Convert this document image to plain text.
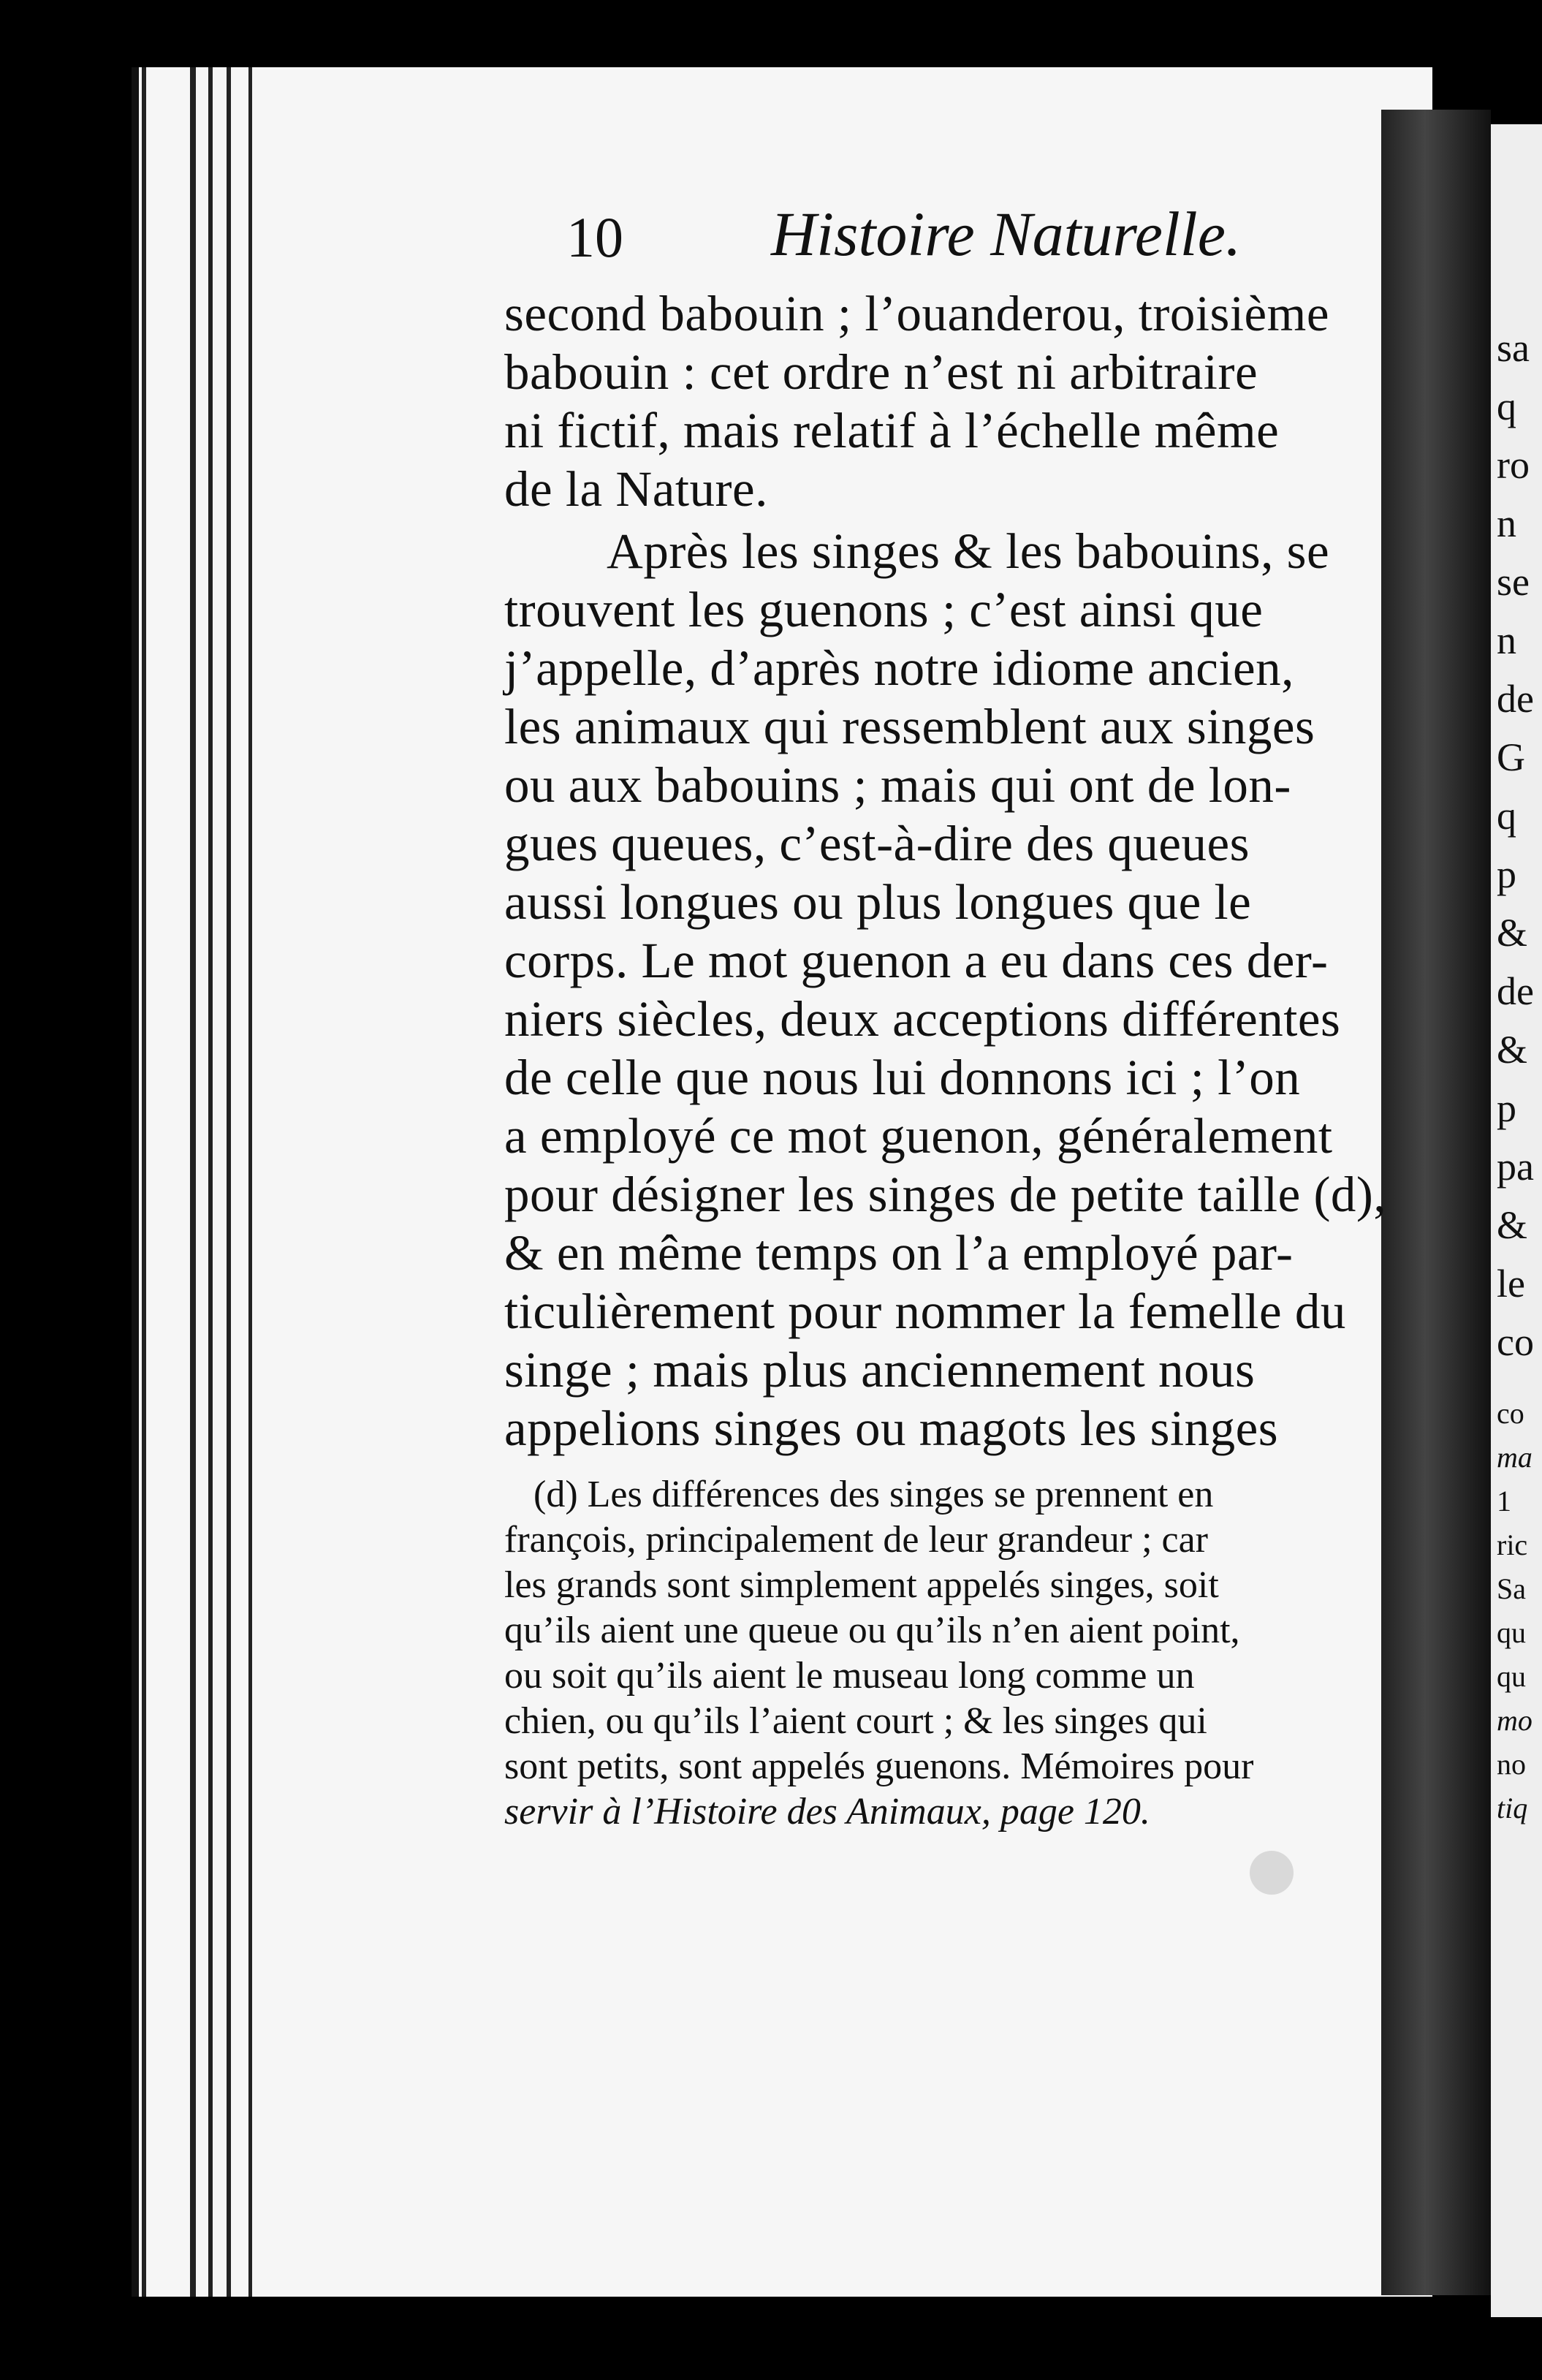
10 Histoire Naturelle.
second babouin ; l’ouanderou, troisième
babouin : cet ordre n’est ni arbitraire
ni fictif, mais relatif à l’échelle même
de la Nature.
Après les singes & les babouins, se
trouvent les guenons ; c’est ainsi que
j’appelle, d’après notre idiome ancien,
les animaux qui ressemblent aux singes
ou aux babouins ; mais qui ont de lon-
gues queues, c’est-à-dire des queues
aussi longues ou plus longues que le
corps. Le mot guenon a eu dans ces der-
niers siècles, deux acceptions différentes
de celle que nous lui donnons ici ; l’on
a employé ce mot guenon, généralement
pour désigner les singes de petite taille (d),
& en même temps on l’a employé par-
ticulièrement pour nommer la femelle du
singe ; mais plus anciennement nous
appelions singes ou magots les singes
(d) Les différences des singes se prennent en
françois, principalement de leur grandeur ; car
les grands sont simplement appelés singes, soit
qu’ils aient une queue ou qu’ils n’en aient point,
ou soit qu’ils aient le museau long comme un
chien, ou qu’ils l’aient court ; & les singes qui
sont petits, sont appelés guenons. Mémoires pour
servir à l’Histoire des Animaux, page 120.
sa
q
ro
n
se
n
de
G
q
p
&
de
&
p
pa
&
le
co
co
ma
1
ric
Sa
qu
qu
mo
no
tiq
